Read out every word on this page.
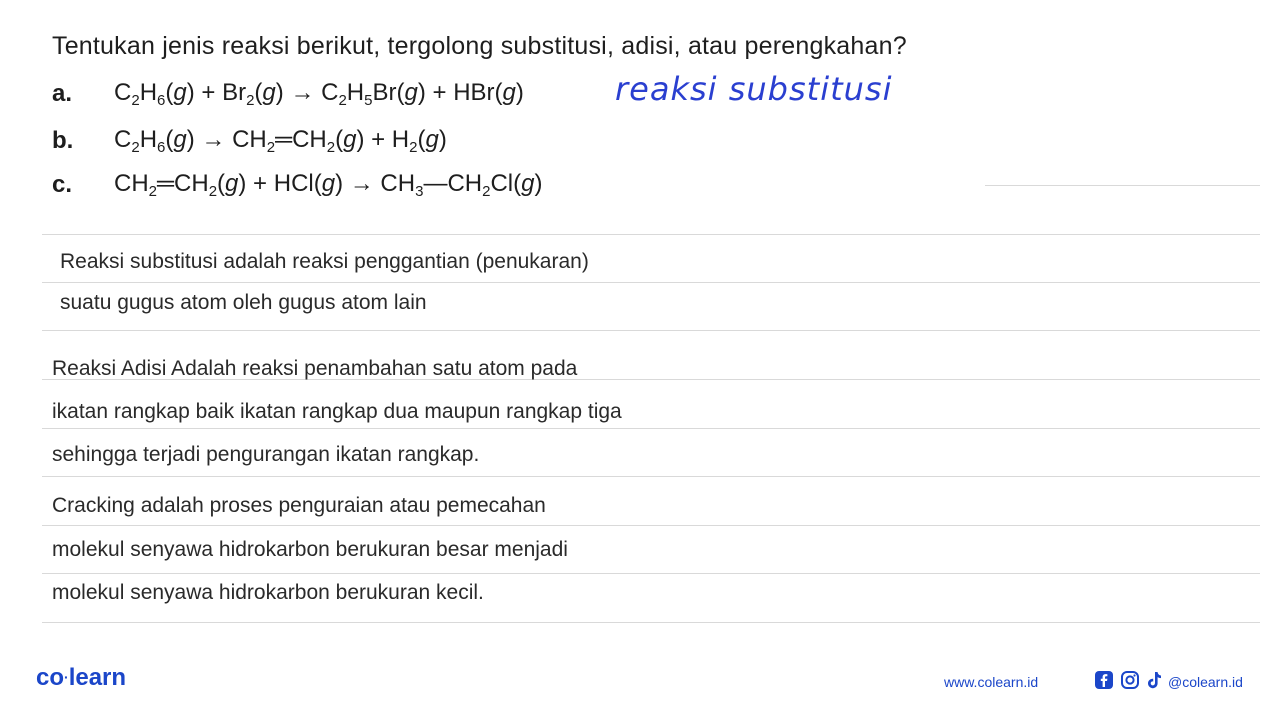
Tentukan jenis reaksi berikut, tergolong substitusi, adisi, atau perengkahan?
a. $C_2H_6(g) + Br_2(g) \to C_2H_5Br(g) + HBr(g)$	reaksi substitusi
b. $C_2H_6(g)$ → $CH_2═CH_2(g) + H_2(g)$
c. $CH_2═CH_2(g) + HCl(g)$ → $CH_3—CH_2Cl(g)$
Reaksi substitusi adalah reaksi penggantian (penukaran)
suatu gugus atom oleh gugus atom lain
Reaksi Adisi Adalah reaksi penambahan satu atom pada
ikatan rangkap baik ikatan rangkap dua maupun rangkap tiga
sehingga terjadi pengurangan ikatan rangkap.
Cracking adalah proses penguraian atau pemecahan
molekul senyawa hidrokarbon berukuran besar menjadi
molekul senyawa hidrokarbon berukuran kecil.
co·learn	www.colearn.id	@colearn.id
